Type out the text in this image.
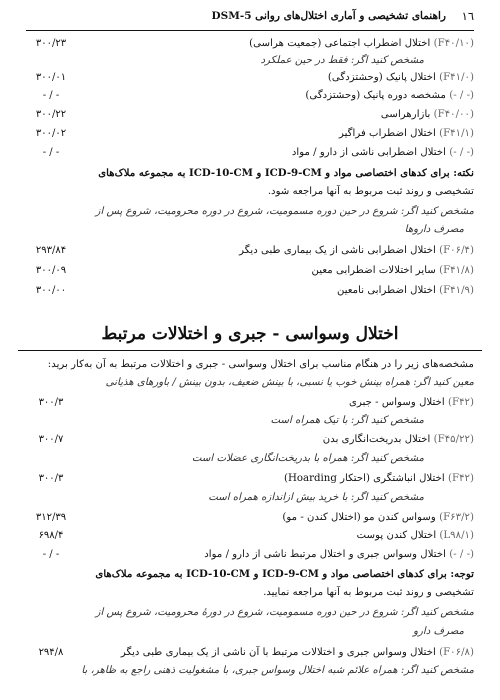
١٦
راهنمای تشخیصی و آماری اختلال‌های روانی DSM-5
۳۰۰/۲۳	(F۴۰/۱۰) اختلال اضطراب اجتماعی (جمعیت هراسی)
مشخص کنید اگر: فقط در حین عملکرد
۳۰۰/۰۱	(F۴۱/۰) اختلال پانیک (وحشتزدگی)
- / -	(- / -) مشخصه دوره پانیک (وحشتزدگی)
۳۰۰/۲۲	(F۴۰/۰۰) بازارهراسی
۳۰۰/۰۲	(F۴۱/۱) اختلال اضطراب فراگیر
- / -	(- / -) اختلال اضطرابی ناشی از دارو / مواد
نکته: برای کدهای اختصاصی مواد و ICD-9-CM و ICD-10-CM به مجموعه ملاک‌های
تشخیصی و روند ثبت مربوط به آنها مراجعه شود.
مشخص کنید اگر: شروع در حین دوره مسمومیت، شروع در دوره محرومیت، شروع پس از
مصرف داروها
۲۹۳/۸۴	(F۰۶/۴) اختلال اضطرابی ناشی از یک بیماری طبی دیگر
۳۰۰/۰۹	(F۴۱/۸) سایر اختلالات اضطرابی معین
۳۰۰/۰۰	(F۴۱/۹) اختلال اضطرابی نامعین
اختلال وسواسی - جبری و اختلالات مرتبط
مشخصه‌های زیر را در هنگام مناسب برای اختلال وسواسی - جبری و اختلالات مرتبط به آن به‌کار برید:
معین کنید اگر: همراه بینش خوب یا نسبی، با بینش ضعیف، بدون بینش / باورهای هذیانی
۳۰۰/۳	(F۴۲) اختلال وسواس - جبری
مشخص کنید اگر: با تیک همراه است
۳۰۰/۷	(F۴۵/۲۲) اختلال بدریخت‌انگاری بدن
مشخص کنید اگر: همراه با بدریخت‌انگاری عضلات است
۳۰۰/۳	(F۴۲) اختلال انباشتگری (احتکار Hoarding)
مشخص کنید اگر: با خرید بیش ازاندازه همراه است
۳۱۲/۳۹	(F۶۳/۲) وسواس کندن مو (اختلال کندن - مو)
۶۹۸/۴	(L۹۸/۱) اختلال کندن پوست
- / -	(- / -) اختلال وسواس جبری و اختلال مرتبط ناشی از دارو / مواد
توجه: برای کدهای اختصاصی مواد و ICD-9-CM و ICD-10-CM به مجموعه ملاک‌های
تشخیصی و روند ثبت مربوط به آنها مراجعه نمایید.
مشخص کنید اگر: شروع در حین دوره مسمومیت، شروع در دورهٔ محرومیت، شروع پس از
مصرف دارو
۲۹۴/۸	(F۰۶/۸) اختلال وسواس جبری و اختلالات مرتبط با آن ناشی از یک بیماری طبی دیگر
مشخص کنید اگر: همراه علائم شبه اختلال وسواس جبری، با مشغولیت ذهنی راجع به ظاهر، با
